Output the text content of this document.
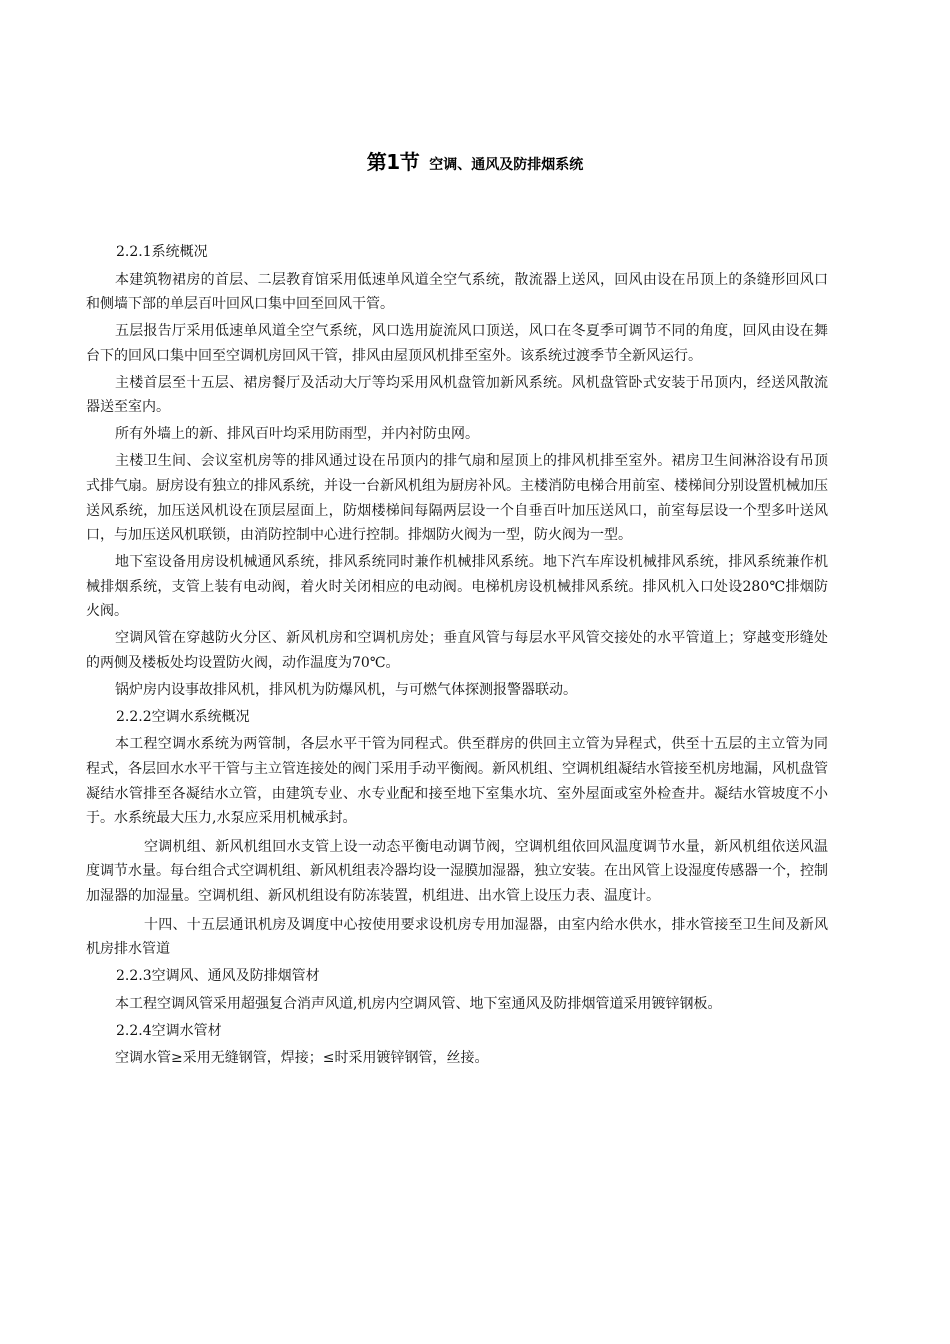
第1节 空调、通风及防排烟系统

2.2.1系统概况

本建筑物裙房的首层、二层教育馆采用低速单风道全空气系统，散流器上送风，回风由设在吊顶上的条缝形回风口和侧墙下部的单层百叶回风口集中回至回风干管。

五层报告厅采用低速单风道全空气系统，风口选用旋流风口顶送，风口在冬夏季可调节不同的角度，回风由设在舞台下的回风口集中回至空调机房回风干管，排风由屋顶风机排至室外。该系统过渡季节全新风运行。

主楼首层至十五层、裙房餐厅及活动大厅等均采用风机盘管加新风系统。风机盘管卧式安装于吊顶内，经送风散流器送至室内。

所有外墙上的新、排风百叶均采用防雨型，并内衬防虫网。

主楼卫生间、会议室机房等的排风通过设在吊顶内的排气扇和屋顶上的排风机排至室外。裙房卫生间淋浴设有吊顶式排气扇。厨房设有独立的排风系统，并设一台新风机组为厨房补风。主楼消防电梯合用前室、楼梯间分别设置机械加压送风系统，加压送风机设在顶层屋面上，防烟楼梯间每隔两层设一个自垂百叶加压送风口，前室每层设一个型多叶送风口，与加压送风机联锁，由消防控制中心进行控制。排烟防火阀为一型，防火阀为一型。

地下室设备用房设机械通风系统，排风系统同时兼作机械排风系统。地下汽车库设机械排风系统，排风系统兼作机械排烟系统，支管上装有电动阀，着火时关闭相应的电动阀。电梯机房设机械排风系统。排风机入口处设280℃排烟防火阀。

空调风管在穿越防火分区、新风机房和空调机房处；垂直风管与每层水平风管交接处的水平管道上；穿越变形缝处的两侧及楼板处均设置防火阀，动作温度为70℃。

锅炉房内设事故排风机，排风机为防爆风机，与可燃气体探测报警器联动。

2.2.2空调水系统概况

本工程空调水系统为两管制，各层水平干管为同程式。供至群房的供回主立管为异程式，供至十五层的主立管为同程式，各层回水水平干管与主立管连接处的阀门采用手动平衡阀。新风机组、空调机组凝结水管接至机房地漏，风机盘管凝结水管排至各凝结水立管，由建筑专业、水专业配和接至地下室集水坑、室外屋面或室外检查井。凝结水管坡度不小于。水系统最大压力,水泵应采用机械承封。

空调机组、新风机组回水支管上设一动态平衡电动调节阀，空调机组依回风温度调节水量，新风机组依送风温度调节水量。每台组合式空调机组、新风机组表冷器均设一湿膜加湿器，独立安装。在出风管上设湿度传感器一个，控制加湿器的加湿量。空调机组、新风机组设有防冻装置，机组进、出水管上设压力表、温度计。

十四、十五层通讯机房及调度中心按使用要求设机房专用加湿器，由室内给水供水，排水管接至卫生间及新风机房排水管道

2.2.3空调风、通风及防排烟管材

本工程空调风管采用超强复合消声风道,机房内空调风管、地下室通风及防排烟管道采用镀锌钢板。

2.2.4空调水管材

空调水管≥采用无缝钢管，焊接；≤时采用镀锌钢管，丝接。
